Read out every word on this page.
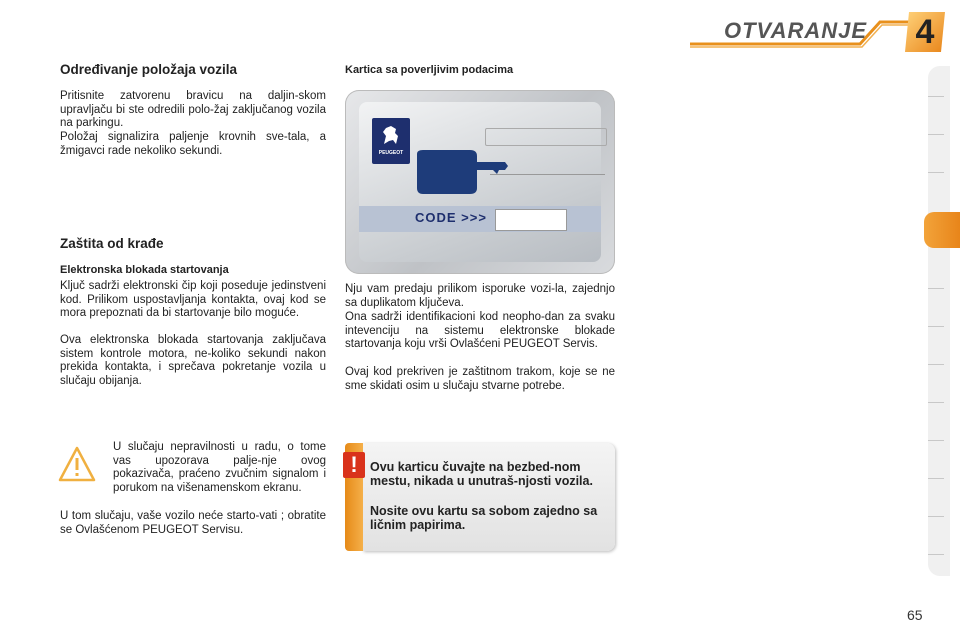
OTVARANJE	4
Određivanje položaja vozila

Pritisnite zatvorenu bravicu na daljin-skom upravljaču bi ste odredili polo-žaj zaključanog vozila na parkingu.

Položaj signalizira paljenje krovnih sve-tala, a žmigavci rade nekoliko sekundi.

Zaštita od krađe
Elektronska blokada startovanja

Ključ sadrži elektronski čip koji poseduje jedinstveni kod. Prilikom uspostavljanja kontakta, ovaj kod se mora prepoznati da bi startovanje bilo moguće.

Ova elektronska blokada startovanja zaključava sistem kontrole motora, ne-koliko sekundi nakon prekida kontakta, i sprečava pokretanje vozila u slučaju obijanja.

U slučaju nepravilnosti u radu, o tome vas upozorava palje-nje ovog pokazivača, praćeno zvučnim signalom i porukom na višenamenskom ekranu.

U tom slučaju, vaše vozilo neće starto-vati ; obratite se Ovlašćenom PEUGEOT Servisu.

Kartica sa poverljivim podacima
PEUGEOT
CODE >>>

Nju vam predaju prilikom isporuke vozi-la, zajednjo sa duplikatom ključeva.

Ona sadrži identifikacioni kod neopho-dan za svaku intevenciju na sistemu elektronske blokade startovanja koju vrši Ovlašćeni PEUGEOT Servis.

Ovaj kod prekriven je zaštitnom trakom, koje se ne sme skidati osim u slučaju stvarne potrebe.

! Ovu karticu čuvajte na bezbed-nom mestu, nikada u unutraš-njosti vozila.
Nosite ovu kartu sa sobom zajedno sa ličnim papirima.
65
